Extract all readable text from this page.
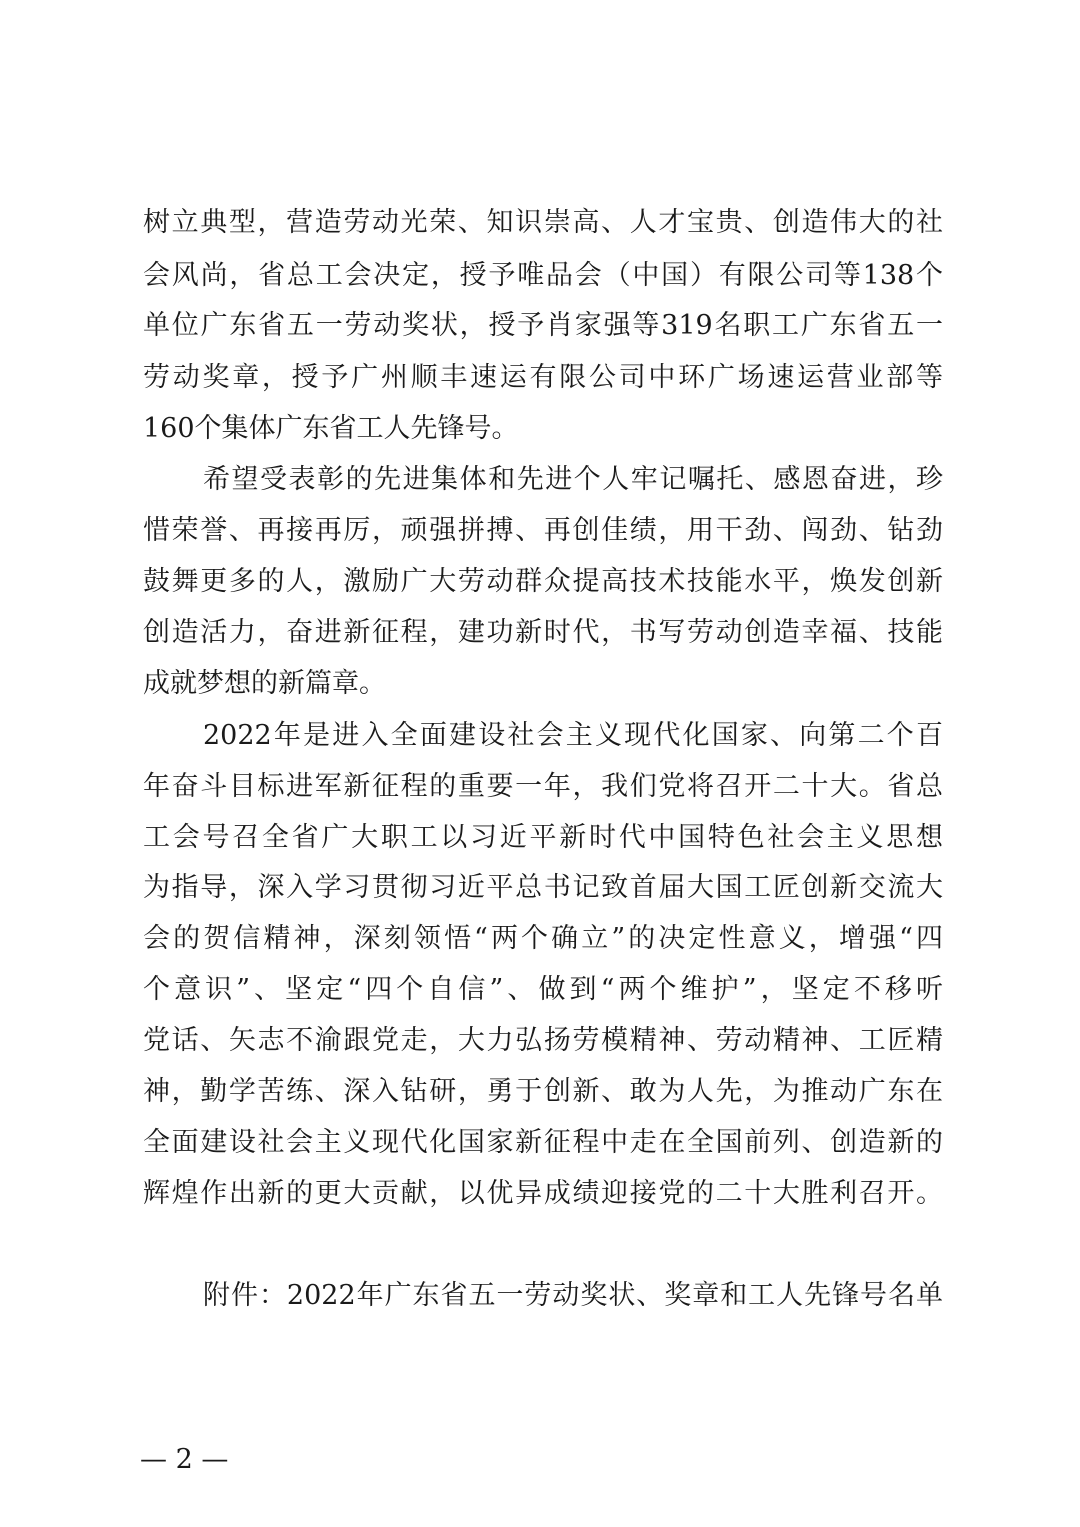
树立典型，营造劳动光荣、知识崇高、人才宝贵、创造伟大的社
会风尚，省总工会决定，授予唯品会（中国）有限公司等138个
单位广东省五一劳动奖状，授予肖家强等319名职工广东省五一
劳动奖章，授予广州顺丰速运有限公司中环广场速运营业部等
160个集体广东省工人先锋号。
希望受表彰的先进集体和先进个人牢记嘱托、感恩奋进，珍
惜荣誉、再接再厉，顽强拼搏、再创佳绩，用干劲、闯劲、钻劲
鼓舞更多的人，激励广大劳动群众提高技术技能水平，焕发创新
创造活力，奋进新征程，建功新时代，书写劳动创造幸福、技能
成就梦想的新篇章。
2022年是进入全面建设社会主义现代化国家、向第二个百
年奋斗目标进军新征程的重要一年，我们党将召开二十大。省总
工会号召全省广大职工以习近平新时代中国特色社会主义思想
为指导，深入学习贯彻习近平总书记致首届大国工匠创新交流大
会的贺信精神，深刻领悟“两个确立”的决定性意义，增强“四
个意识”、坚定“四个自信”、做到“两个维护”，坚定不移听
党话、矢志不渝跟党走，大力弘扬劳模精神、劳动精神、工匠精
神，勤学苦练、深入钻研，勇于创新、敢为人先，为推动广东在
全面建设社会主义现代化国家新征程中走在全国前列、创造新的
辉煌作出新的更大贡献，以优异成绩迎接党的二十大胜利召开。
附件：2022年广东省五一劳动奖状、奖章和工人先锋号名单
— 2 —
